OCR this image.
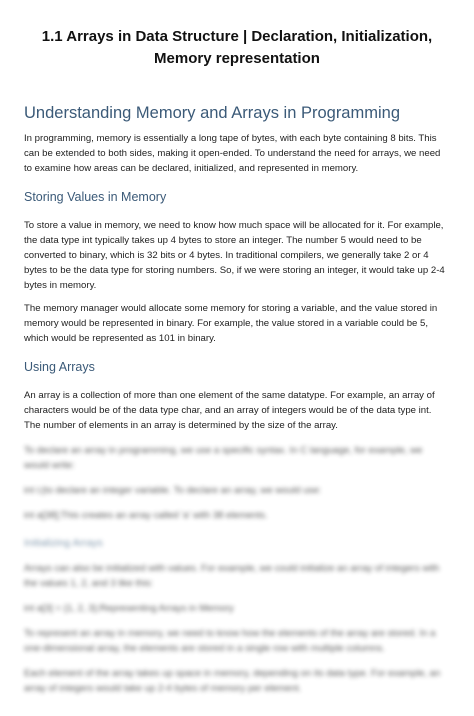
1.1 Arrays in Data Structure | Declaration, Initialization,
Memory representation
Understanding Memory and Arrays in Programming

In programming, memory is essentially a long tape of bytes, with each byte containing 8 bits. This can be extended to both sides, making it open-ended. To understand the need for arrays, we need to examine how areas can be declared, initialized, and represented in memory.

Storing Values in Memory

To store a value in memory, we need to know how much space will be allocated for it. For example, the data type int typically takes up 4 bytes to store an integer. The number 5 would need to be converted to binary, which is 32 bits or 4 bytes. In traditional compilers, we generally take 2 or 4 bytes to be the data type for storing numbers. So, if we were storing an integer, it would take up 2-4 bytes in memory.

The memory manager would allocate some memory for storing a variable, and the value stored in memory would be represented in binary. For example, the value stored in a variable could be 5, which would be represented as 101 in binary.

Using Arrays

An array is a collection of more than one element of the same datatype. For example, an array of characters would be of the data type char, and an array of integers would be of the data type int. The number of elements in an array is determined by the size of the array.

To declare an array in programming, we use a specific syntax. In C language, for example, we would write:

int i;(to declare an integer variable. To declare an array, we would use:

int a[38];This creates an array called 'a' with 38 elements.

Initializing Arrays

Arrays can also be initialized with values. For example, we could initialize an array of integers with the values 1, 2, and 3 like this:

int a[3] = {1, 2, 3};Representing Arrays in Memory

To represent an array in memory, we need to know how the elements of the array are stored. In a one-dimensional array, the elements are stored in a single row with multiple columns.

Each element of the array takes up space in memory, depending on its data type. For example, an array of integers would take up 2-4 bytes of memory per element.
